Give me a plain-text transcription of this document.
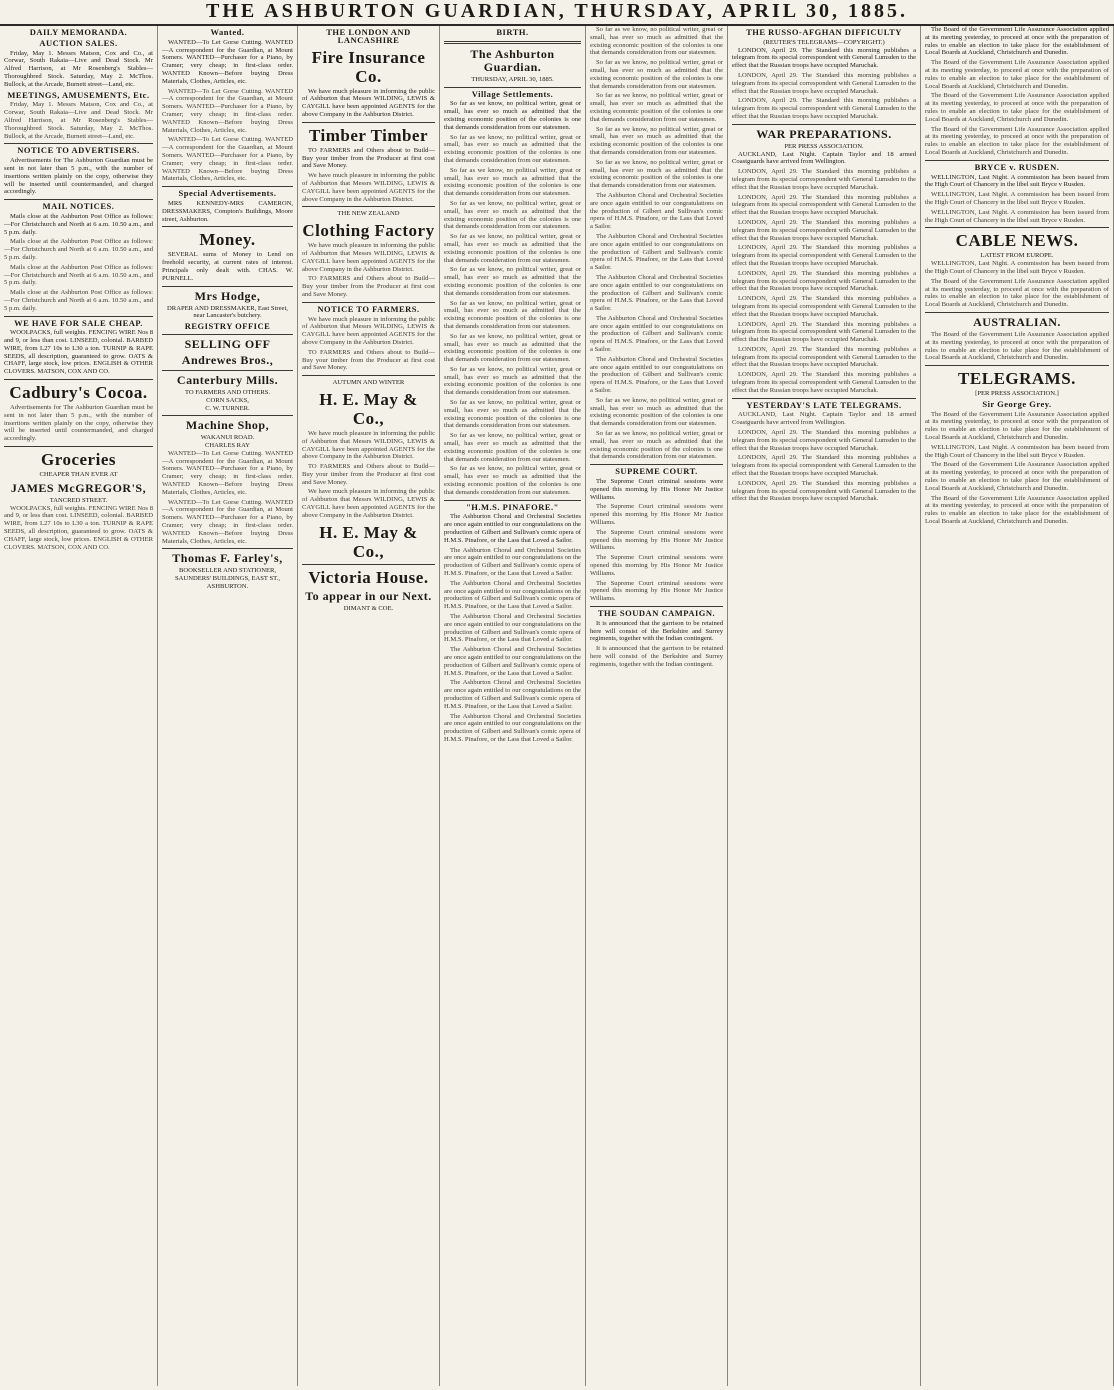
THE ASHBURTON GUARDIAN, THURSDAY, APRIL 30, 1885.
DAILY MEMORANDA.
AUCTION SALES.
Friday, May 1. Messrs Matson, Cox and Co., at Corwar, South Rakaia—Live and Dead Stock. Mr Alfred Harrison, at Mr Rosenberg's Stables—Thoroughbred Stock. Saturday, May 2. McThos. Bullock, at the Arcade, Burnett street—Land, etc.
MEETINGS, AMUSEMENTS, Etc.
Friday, May 1. Messrs Matson, Cox and Co., at Corwar, South Rakaia—Live and Dead Stock. Mr Alfred Harrison, at Mr Rosenberg's Stables—Thoroughbred Stock. Saturday, May 2. McThos. Bullock, at the Arcade, Burnett street—Land, etc.
NOTICE TO ADVERTISERS.
Advertisements for The Ashburton Guardian must be sent in not later than 5 p.m., with the number of insertions written plainly on the copy, otherwise they will be inserted until countermanded, and charged accordingly.
MAIL NOTICES.
Mails close at the Ashburton Post Office as follows:—For Christchurch and North at 6 a.m. 10.50 a.m., and 5 p.m. daily.
Mails close at the Ashburton Post Office as follows:—For Christchurch and North at 6 a.m. 10.50 a.m., and 5 p.m. daily.
Mails close at the Ashburton Post Office as follows:—For Christchurch and North at 6 a.m. 10.50 a.m., and 5 p.m. daily.
Mails close at the Ashburton Post Office as follows:—For Christchurch and North at 6 a.m. 10.50 a.m., and 5 p.m. daily.
WE HAVE FOR SALE CHEAP.
WOOLPACKS, full weights. FENCING WIRE Nos 8 and 9, or less than cost. LINSEED, colonial. BARBED WIRE, from L27 10s to L30 a ton. TURNIP & RAPE SEEDS, all description, guaranteed to grow. OATS & CHAFF, large stock, low prices. ENGLISH & OTHER CLOVERS. MATSON, COX AND CO.
Cadbury's Cocoa.
Advertisements for The Ashburton Guardian must be sent in not later than 5 p.m., with the number of insertions written plainly on the copy, otherwise they will be inserted until countermanded, and charged accordingly.
Groceries
CHEAPER THAN EVER AT
JAMES McGREGOR'S,
TANCRED STREET.
WOOLPACKS, full weights. FENCING WIRE Nos 8 and 9, or less than cost. LINSEED, colonial. BARBED WIRE, from L27 10s to L30 a ton. TURNIP & RAPE SEEDS, all description, guaranteed to grow. OATS & CHAFF, large stock, low prices. ENGLISH & OTHER CLOVERS. MATSON, COX AND CO.
Wanted.
WANTED—To Let Gorse Cutting. WANTED—A correspondent for the Guardian, at Mount Somers. WANTED—Purchaser for a Piano, by Cramer; very cheap; in first-class order. WANTED Known—Before buying Dress Materials, Clothes, Articles, etc.
WANTED—To Let Gorse Cutting. WANTED—A correspondent for the Guardian, at Mount Somers. WANTED—Purchaser for a Piano, by Cramer; very cheap; in first-class order. WANTED Known—Before buying Dress Materials, Clothes, Articles, etc.
WANTED—To Let Gorse Cutting. WANTED—A correspondent for the Guardian, at Mount Somers. WANTED—Purchaser for a Piano, by Cramer; very cheap; in first-class order. WANTED Known—Before buying Dress Materials, Clothes, Articles, etc.
Special Advertisements.
MRS KENNEDY-MRS CAMERON, DRESSMAKERS, Compton's Buildings, Moore street, Ashburton.
Money.
SEVERAL sums of Money to Lend on freehold security, at current rates of interest. Principals only dealt with. CHAS. W. PURNELL.
Mrs Hodge,
DRAPER AND DRESSMAKER, East Street, near Lancaster's butchery.
REGISTRY OFFICE
SELLING OFF
Andrewes Bros.,
Canterbury Mills.
TO FARMERS AND OTHERS.
CORN SACKS,
C. W. TURNER.
Machine Shop,
WAKANUI ROAD.
CHARLES RAY
WANTED—To Let Gorse Cutting. WANTED—A correspondent for the Guardian, at Mount Somers. WANTED—Purchaser for a Piano, by Cramer; very cheap; in first-class order. WANTED Known—Before buying Dress Materials, Clothes, Articles, etc.
WANTED—To Let Gorse Cutting. WANTED—A correspondent for the Guardian, at Mount Somers. WANTED—Purchaser for a Piano, by Cramer; very cheap; in first-class order. WANTED Known—Before buying Dress Materials, Clothes, Articles, etc.
Thomas F. Farley's,
BOOKSELLER AND STATIONER, SAUNDERS' BUILDINGS, EAST ST., ASHBURTON.
THE LONDON AND LANCASHIRE
Fire Insurance Co.
We have much pleasure in informing the public of Ashburton that Messrs WILDING, LEWIS & CAYGILL have been appointed AGENTS for the above Company in the Ashburton District.
Timber Timber
TO FARMERS and Others about to Build—Buy your timber from the Producer at first cost and Save Money.
We have much pleasure in informing the public of Ashburton that Messrs WILDING, LEWIS & CAYGILL have been appointed AGENTS for the above Company in the Ashburton District.
THE NEW ZEALAND
Clothing Factory
We have much pleasure in informing the public of Ashburton that Messrs WILDING, LEWIS & CAYGILL have been appointed AGENTS for the above Company in the Ashburton District.
TO FARMERS and Others about to Build—Buy your timber from the Producer at first cost and Save Money.
NOTICE TO FARMERS.
We have much pleasure in informing the public of Ashburton that Messrs WILDING, LEWIS & CAYGILL have been appointed AGENTS for the above Company in the Ashburton District.
TO FARMERS and Others about to Build—Buy your timber from the Producer at first cost and Save Money.
AUTUMN AND WINTER
H. E. May & Co.,
We have much pleasure in informing the public of Ashburton that Messrs WILDING, LEWIS & CAYGILL have been appointed AGENTS for the above Company in the Ashburton District.
TO FARMERS and Others about to Build—Buy your timber from the Producer at first cost and Save Money.
We have much pleasure in informing the public of Ashburton that Messrs WILDING, LEWIS & CAYGILL have been appointed AGENTS for the above Company in the Ashburton District.
H. E. May & Co.,
Victoria House.
To appear in our Next.
DIMANT & COE.
BIRTH.
The Ashburton Guardian.
THURSDAY, APRIL 30, 1885.
Village Settlements.
So far as we know, no political writer, great or small, has ever so much as admitted that the existing economic position of the colonies is one that demands consideration from our statesmen.
So far as we know, no political writer, great or small, has ever so much as admitted that the existing economic position of the colonies is one that demands consideration from our statesmen.
So far as we know, no political writer, great or small, has ever so much as admitted that the existing economic position of the colonies is one that demands consideration from our statesmen.
So far as we know, no political writer, great or small, has ever so much as admitted that the existing economic position of the colonies is one that demands consideration from our statesmen.
So far as we know, no political writer, great or small, has ever so much as admitted that the existing economic position of the colonies is one that demands consideration from our statesmen.
So far as we know, no political writer, great or small, has ever so much as admitted that the existing economic position of the colonies is one that demands consideration from our statesmen.
So far as we know, no political writer, great or small, has ever so much as admitted that the existing economic position of the colonies is one that demands consideration from our statesmen.
So far as we know, no political writer, great or small, has ever so much as admitted that the existing economic position of the colonies is one that demands consideration from our statesmen.
So far as we know, no political writer, great or small, has ever so much as admitted that the existing economic position of the colonies is one that demands consideration from our statesmen.
So far as we know, no political writer, great or small, has ever so much as admitted that the existing economic position of the colonies is one that demands consideration from our statesmen.
So far as we know, no political writer, great or small, has ever so much as admitted that the existing economic position of the colonies is one that demands consideration from our statesmen.
So far as we know, no political writer, great or small, has ever so much as admitted that the existing economic position of the colonies is one that demands consideration from our statesmen.
"H.M.S. PINAFORE."
The Ashburton Choral and Orchestral Societies are once again entitled to our congratulations on the production of Gilbert and Sullivan's comic opera of H.M.S. Pinafore, or the Lass that Loved a Sailor.
The Ashburton Choral and Orchestral Societies are once again entitled to our congratulations on the production of Gilbert and Sullivan's comic opera of H.M.S. Pinafore, or the Lass that Loved a Sailor.
The Ashburton Choral and Orchestral Societies are once again entitled to our congratulations on the production of Gilbert and Sullivan's comic opera of H.M.S. Pinafore, or the Lass that Loved a Sailor.
The Ashburton Choral and Orchestral Societies are once again entitled to our congratulations on the production of Gilbert and Sullivan's comic opera of H.M.S. Pinafore, or the Lass that Loved a Sailor.
The Ashburton Choral and Orchestral Societies are once again entitled to our congratulations on the production of Gilbert and Sullivan's comic opera of H.M.S. Pinafore, or the Lass that Loved a Sailor.
The Ashburton Choral and Orchestral Societies are once again entitled to our congratulations on the production of Gilbert and Sullivan's comic opera of H.M.S. Pinafore, or the Lass that Loved a Sailor.
The Ashburton Choral and Orchestral Societies are once again entitled to our congratulations on the production of Gilbert and Sullivan's comic opera of H.M.S. Pinafore, or the Lass that Loved a Sailor.
So far as we know, no political writer, great or small, has ever so much as admitted that the existing economic position of the colonies is one that demands consideration from our statesmen.
So far as we know, no political writer, great or small, has ever so much as admitted that the existing economic position of the colonies is one that demands consideration from our statesmen.
So far as we know, no political writer, great or small, has ever so much as admitted that the existing economic position of the colonies is one that demands consideration from our statesmen.
So far as we know, no political writer, great or small, has ever so much as admitted that the existing economic position of the colonies is one that demands consideration from our statesmen.
So far as we know, no political writer, great or small, has ever so much as admitted that the existing economic position of the colonies is one that demands consideration from our statesmen.
The Ashburton Choral and Orchestral Societies are once again entitled to our congratulations on the production of Gilbert and Sullivan's comic opera of H.M.S. Pinafore, or the Lass that Loved a Sailor.
The Ashburton Choral and Orchestral Societies are once again entitled to our congratulations on the production of Gilbert and Sullivan's comic opera of H.M.S. Pinafore, or the Lass that Loved a Sailor.
The Ashburton Choral and Orchestral Societies are once again entitled to our congratulations on the production of Gilbert and Sullivan's comic opera of H.M.S. Pinafore, or the Lass that Loved a Sailor.
The Ashburton Choral and Orchestral Societies are once again entitled to our congratulations on the production of Gilbert and Sullivan's comic opera of H.M.S. Pinafore, or the Lass that Loved a Sailor.
The Ashburton Choral and Orchestral Societies are once again entitled to our congratulations on the production of Gilbert and Sullivan's comic opera of H.M.S. Pinafore, or the Lass that Loved a Sailor.
So far as we know, no political writer, great or small, has ever so much as admitted that the existing economic position of the colonies is one that demands consideration from our statesmen.
So far as we know, no political writer, great or small, has ever so much as admitted that the existing economic position of the colonies is one that demands consideration from our statesmen.
SUPREME COURT.
The Supreme Court criminal sessions were opened this morning by His Honor Mr Justice Williams.
The Supreme Court criminal sessions were opened this morning by His Honor Mr Justice Williams.
The Supreme Court criminal sessions were opened this morning by His Honor Mr Justice Williams.
The Supreme Court criminal sessions were opened this morning by His Honor Mr Justice Williams.
The Supreme Court criminal sessions were opened this morning by His Honor Mr Justice Williams.
THE SOUDAN CAMPAIGN.
It is announced that the garrison to be retained here will consist of the Berkshire and Surrey regiments, together with the Indian contingent.
It is announced that the garrison to be retained here will consist of the Berkshire and Surrey regiments, together with the Indian contingent.
THE RUSSO-AFGHAN DIFFICULTY
(REUTER'S TELEGRAMS—COPYRIGHT.)
LONDON, April 29. The Standard this morning publishes a telegram from its special correspondent with General Lumsden to the effect that the Russian troops have occupied Maruchak.
LONDON, April 29. The Standard this morning publishes a telegram from its special correspondent with General Lumsden to the effect that the Russian troops have occupied Maruchak.
LONDON, April 29. The Standard this morning publishes a telegram from its special correspondent with General Lumsden to the effect that the Russian troops have occupied Maruchak.
WAR PREPARATIONS.
PER PRESS ASSOCIATION.
AUCKLAND, Last Night. Captain Taylor and 18 armed Coastguards have arrived from Wellington.
LONDON, April 29. The Standard this morning publishes a telegram from its special correspondent with General Lumsden to the effect that the Russian troops have occupied Maruchak.
LONDON, April 29. The Standard this morning publishes a telegram from its special correspondent with General Lumsden to the effect that the Russian troops have occupied Maruchak.
LONDON, April 29. The Standard this morning publishes a telegram from its special correspondent with General Lumsden to the effect that the Russian troops have occupied Maruchak.
LONDON, April 29. The Standard this morning publishes a telegram from its special correspondent with General Lumsden to the effect that the Russian troops have occupied Maruchak.
LONDON, April 29. The Standard this morning publishes a telegram from its special correspondent with General Lumsden to the effect that the Russian troops have occupied Maruchak.
LONDON, April 29. The Standard this morning publishes a telegram from its special correspondent with General Lumsden to the effect that the Russian troops have occupied Maruchak.
LONDON, April 29. The Standard this morning publishes a telegram from its special correspondent with General Lumsden to the effect that the Russian troops have occupied Maruchak.
LONDON, April 29. The Standard this morning publishes a telegram from its special correspondent with General Lumsden to the effect that the Russian troops have occupied Maruchak.
LONDON, April 29. The Standard this morning publishes a telegram from its special correspondent with General Lumsden to the effect that the Russian troops have occupied Maruchak.
YESTERDAY'S LATE TELEGRAMS.
AUCKLAND, Last Night. Captain Taylor and 18 armed Coastguards have arrived from Wellington.
LONDON, April 29. The Standard this morning publishes a telegram from its special correspondent with General Lumsden to the effect that the Russian troops have occupied Maruchak.
LONDON, April 29. The Standard this morning publishes a telegram from its special correspondent with General Lumsden to the effect that the Russian troops have occupied Maruchak.
LONDON, April 29. The Standard this morning publishes a telegram from its special correspondent with General Lumsden to the effect that the Russian troops have occupied Maruchak.
The Board of the Government Life Assurance Association applied at its meeting yesterday, to proceed at once with the preparation of rules to enable an election to take place for the establishment of Local Boards at Auckland, Christchurch and Dunedin.
The Board of the Government Life Assurance Association applied at its meeting yesterday, to proceed at once with the preparation of rules to enable an election to take place for the establishment of Local Boards at Auckland, Christchurch and Dunedin.
The Board of the Government Life Assurance Association applied at its meeting yesterday, to proceed at once with the preparation of rules to enable an election to take place for the establishment of Local Boards at Auckland, Christchurch and Dunedin.
The Board of the Government Life Assurance Association applied at its meeting yesterday, to proceed at once with the preparation of rules to enable an election to take place for the establishment of Local Boards at Auckland, Christchurch and Dunedin.
BRYCE v. RUSDEN.
WELLINGTON, Last Night. A commission has been issued from the High Court of Chancery in the libel suit Bryce v Rusden.
WELLINGTON, Last Night. A commission has been issued from the High Court of Chancery in the libel suit Bryce v Rusden.
WELLINGTON, Last Night. A commission has been issued from the High Court of Chancery in the libel suit Bryce v Rusden.
CABLE NEWS.
LATEST FROM EUROPE.
WELLINGTON, Last Night. A commission has been issued from the High Court of Chancery in the libel suit Bryce v Rusden.
The Board of the Government Life Assurance Association applied at its meeting yesterday, to proceed at once with the preparation of rules to enable an election to take place for the establishment of Local Boards at Auckland, Christchurch and Dunedin.
AUSTRALIAN.
The Board of the Government Life Assurance Association applied at its meeting yesterday, to proceed at once with the preparation of rules to enable an election to take place for the establishment of Local Boards at Auckland, Christchurch and Dunedin.
TELEGRAMS.
[PER PRESS ASSOCIATION.]
Sir George Grey.
The Board of the Government Life Assurance Association applied at its meeting yesterday, to proceed at once with the preparation of rules to enable an election to take place for the establishment of Local Boards at Auckland, Christchurch and Dunedin.
WELLINGTON, Last Night. A commission has been issued from the High Court of Chancery in the libel suit Bryce v Rusden.
The Board of the Government Life Assurance Association applied at its meeting yesterday, to proceed at once with the preparation of rules to enable an election to take place for the establishment of Local Boards at Auckland, Christchurch and Dunedin.
The Board of the Government Life Assurance Association applied at its meeting yesterday, to proceed at once with the preparation of rules to enable an election to take place for the establishment of Local Boards at Auckland, Christchurch and Dunedin.
